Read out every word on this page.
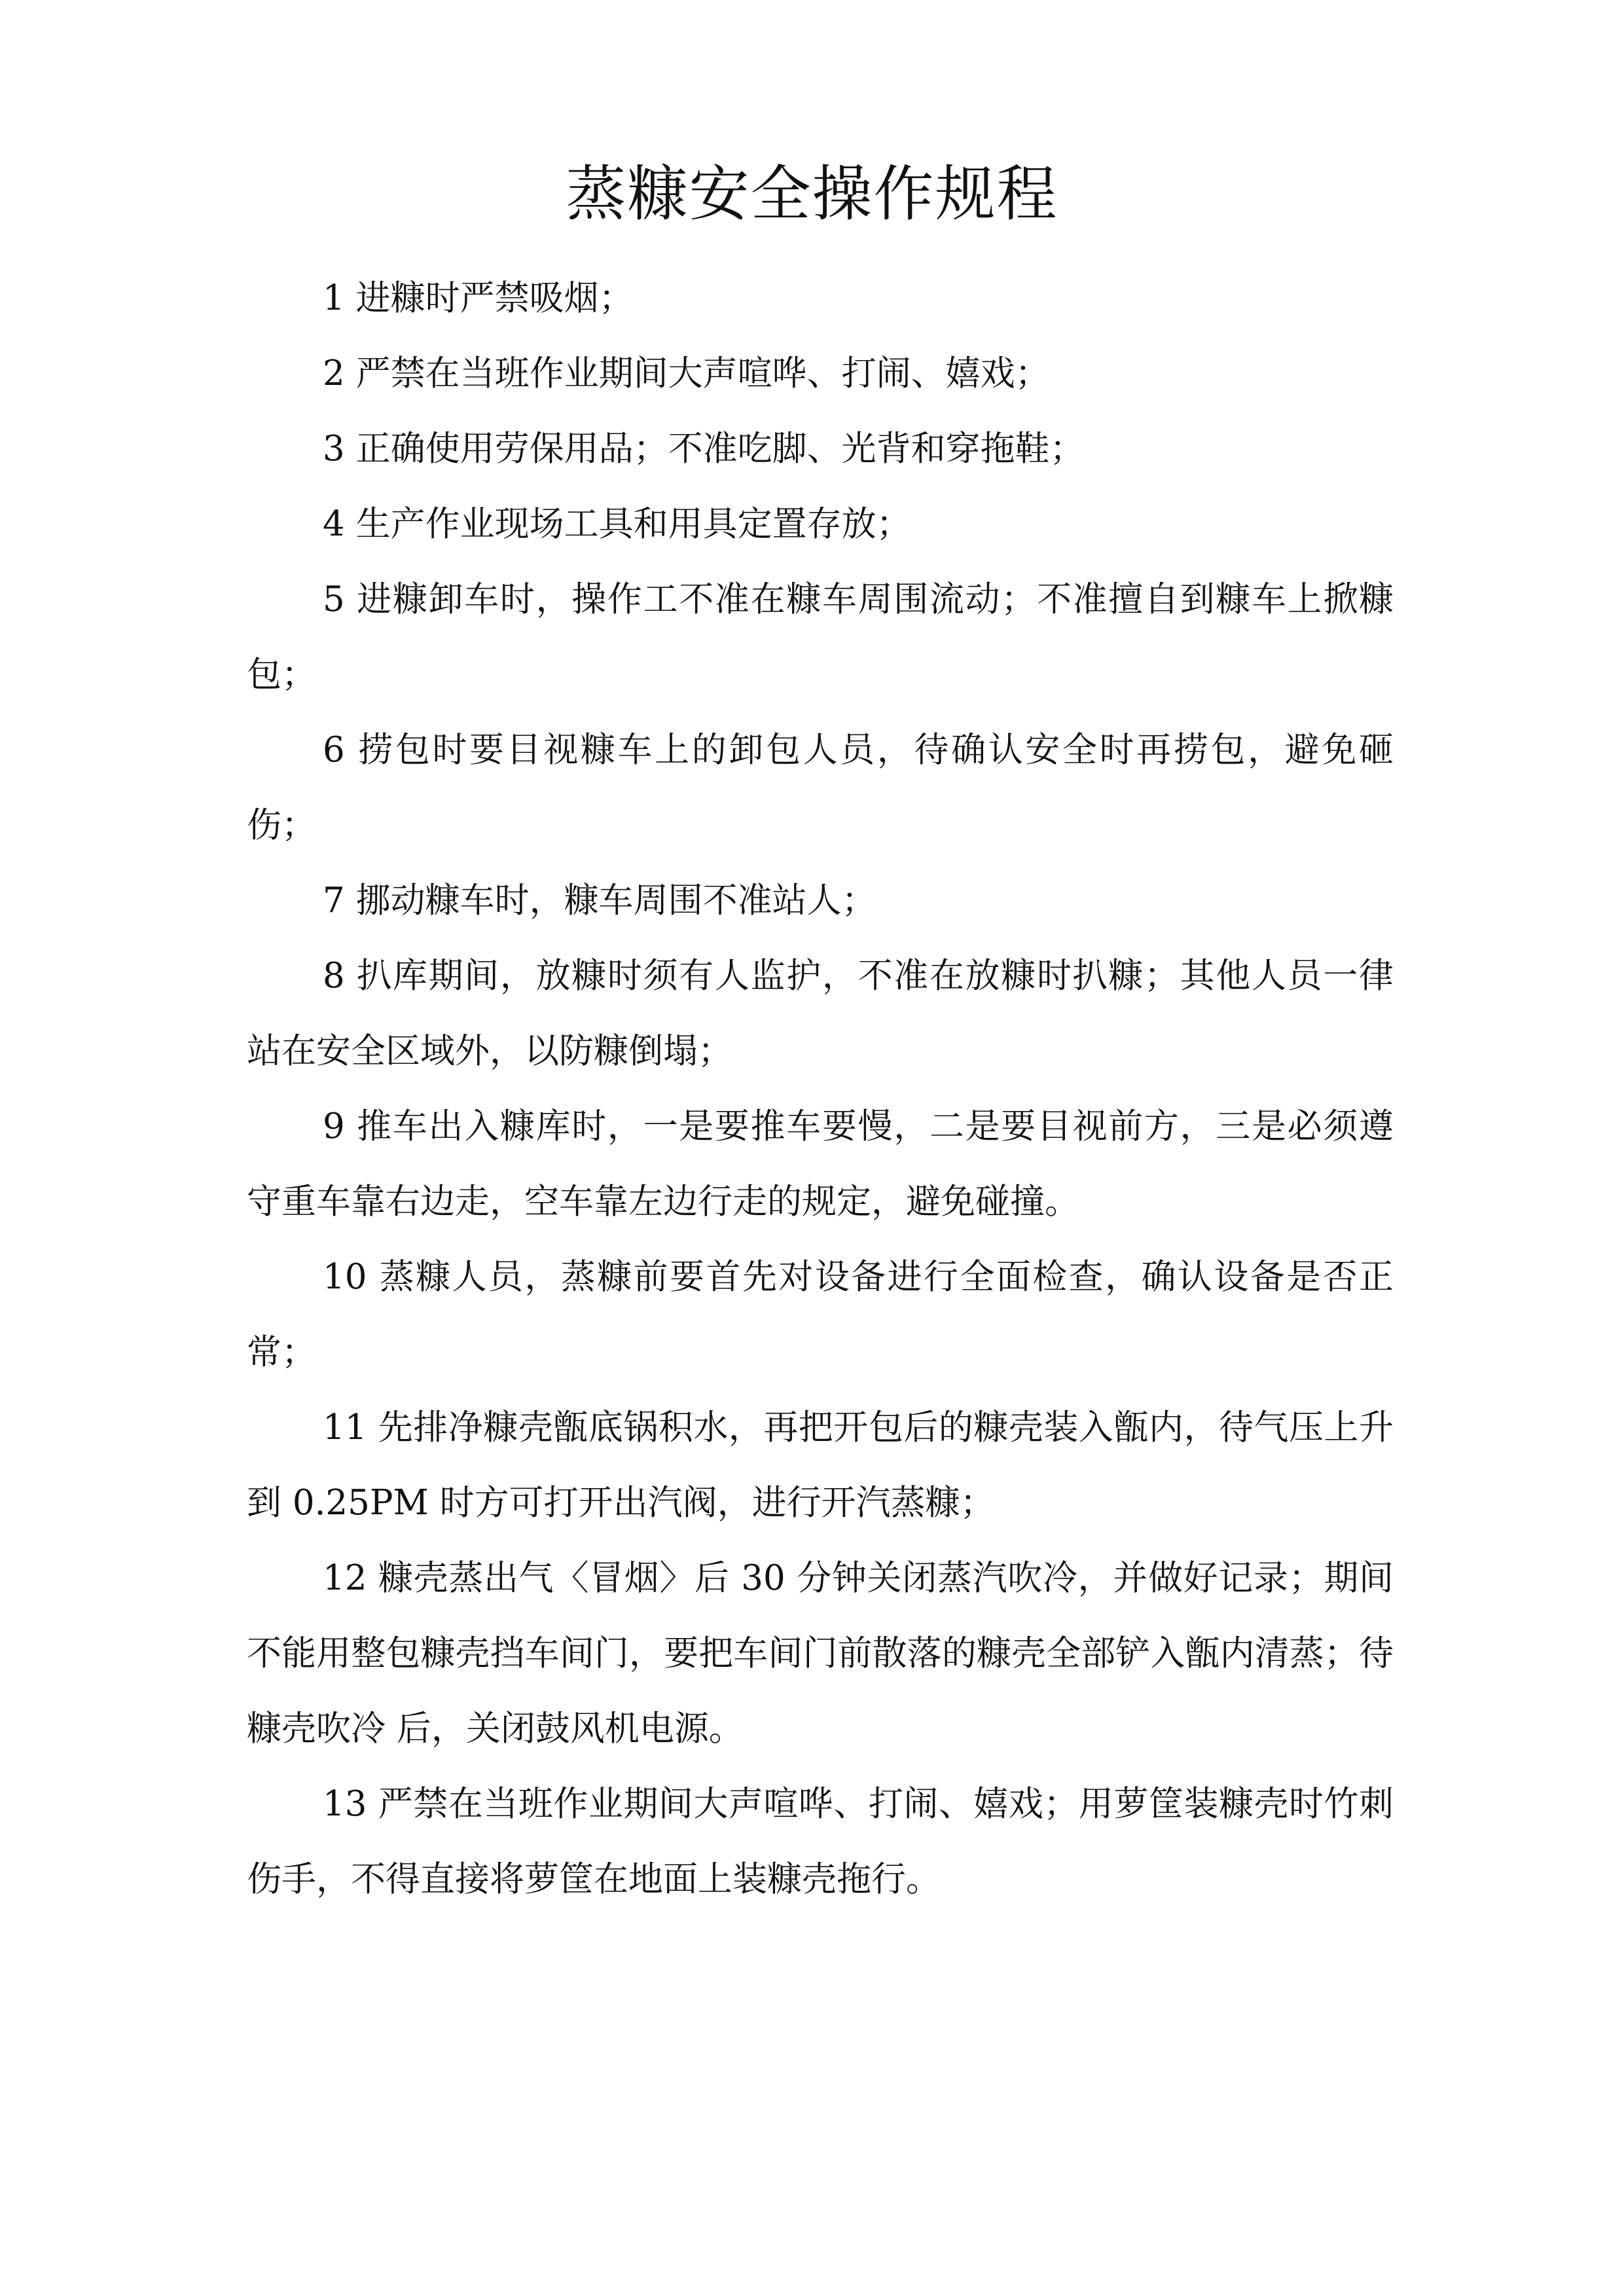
蒸糠安全操作规程

1 进糠时严禁吸烟；

2 严禁在当班作业期间大声喧哗、打闹、嬉戏；

3 正确使用劳保用品；不准吃脚、光背和穿拖鞋；

4 生产作业现场工具和用具定置存放；

5 进糠卸车时，操作工不准在糠车周围流动；不准擅自到糠车上掀糠包；

6 捞包时要目视糠车上的卸包人员，待确认安全时再捞包，避免砸伤；

7 挪动糠车时，糠车周围不准站人；

8 扒库期间，放糠时须有人监护，不准在放糠时扒糠；其他人员一律站在安全区域外，以防糠倒塌；

9 推车出入糠库时，一是要推车要慢，二是要目视前方，三是必须遵守重车靠右边走，空车靠左边行走的规定，避免碰撞。

10 蒸糠人员，蒸糠前要首先对设备进行全面检查，确认设备是否正常；

11 先排净糠壳甑底锅积水，再把开包后的糠壳装入甑内，待气压上升到 0.25PM 时方可打开出汽阀，进行开汽蒸糠；

12 糠壳蒸出气〈冒烟〉后 30 分钟关闭蒸汽吹冷，并做好记录；期间不能用整包糠壳挡车间门，要把车间门前散落的糠壳全部铲入甑内清蒸；待糠壳吹冷 后，关闭鼓风机电源。

13 严禁在当班作业期间大声喧哗、打闹、嬉戏；用萝筐装糠壳时竹刺伤手，不得直接将萝筐在地面上装糠壳拖行。
